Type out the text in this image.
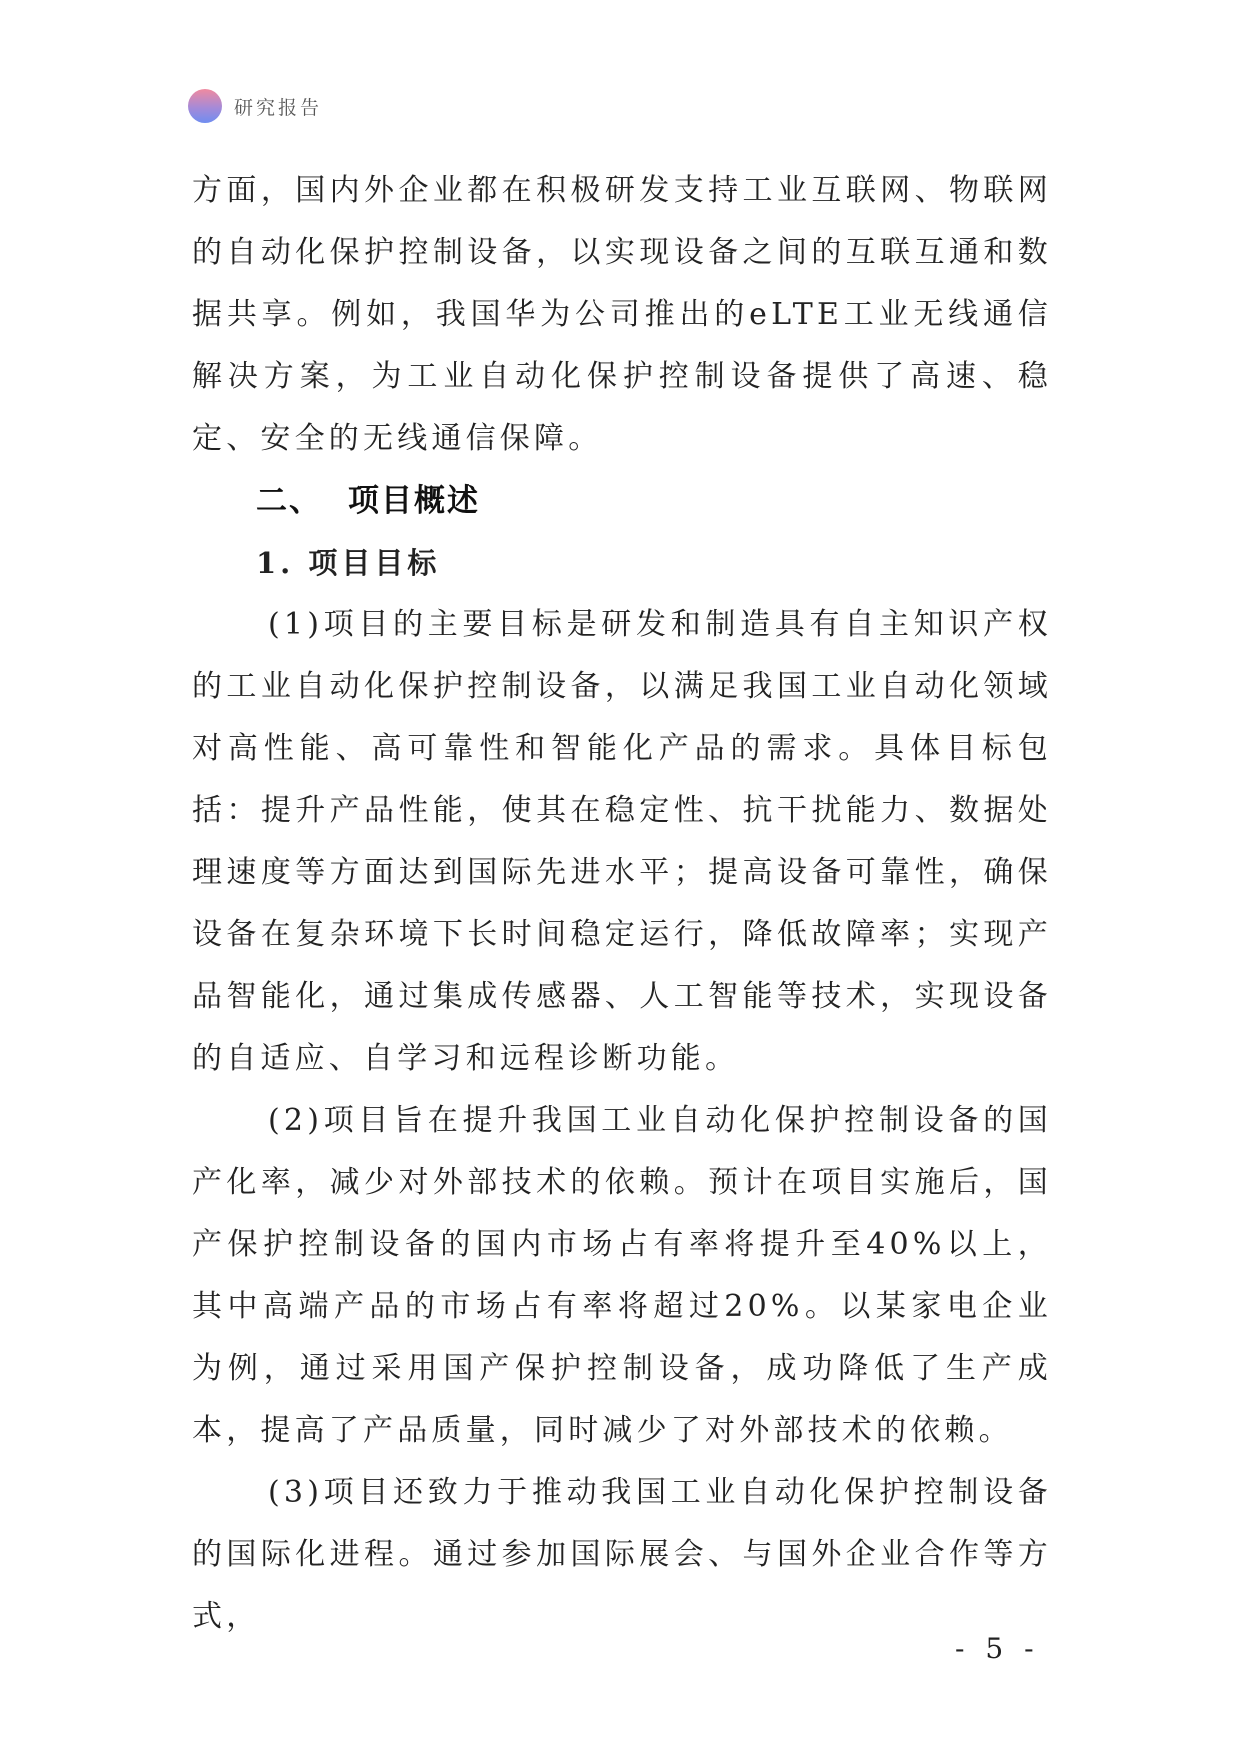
研究报告

方面，国内外企业都在积极研发支持工业互联网、物联网的自动化保护控制设备，以实现设备之间的互联互通和数据共享。例如，我国华为公司推出的eLTE工业无线通信解决方案，为工业自动化保护控制设备提供了高速、稳定、安全的无线通信保障。

二、 项目概述
1. 项目目标

(1)项目的主要目标是研发和制造具有自主知识产权的工业自动化保护控制设备，以满足我国工业自动化领域对高性能、高可靠性和智能化产品的需求。具体目标包括：提升产品性能，使其在稳定性、抗干扰能力、数据处理速度等方面达到国际先进水平；提高设备可靠性，确保设备在复杂环境下长时间稳定运行，降低故障率；实现产品智能化，通过集成传感器、人工智能等技术，实现设备的自适应、自学习和远程诊断功能。

(2)项目旨在提升我国工业自动化保护控制设备的国产化率，减少对外部技术的依赖。预计在项目实施后，国产保护控制设备的国内市场占有率将提升至40%以上，其中高端产品的市场占有率将超过20%。以某家电企业为例，通过采用国产保护控制设备，成功降低了生产成本，提高了产品质量，同时减少了对外部技术的依赖。

(3)项目还致力于推动我国工业自动化保护控制设备的国际化进程。通过参加国际展会、与国外企业合作等方式，

- 5 -
